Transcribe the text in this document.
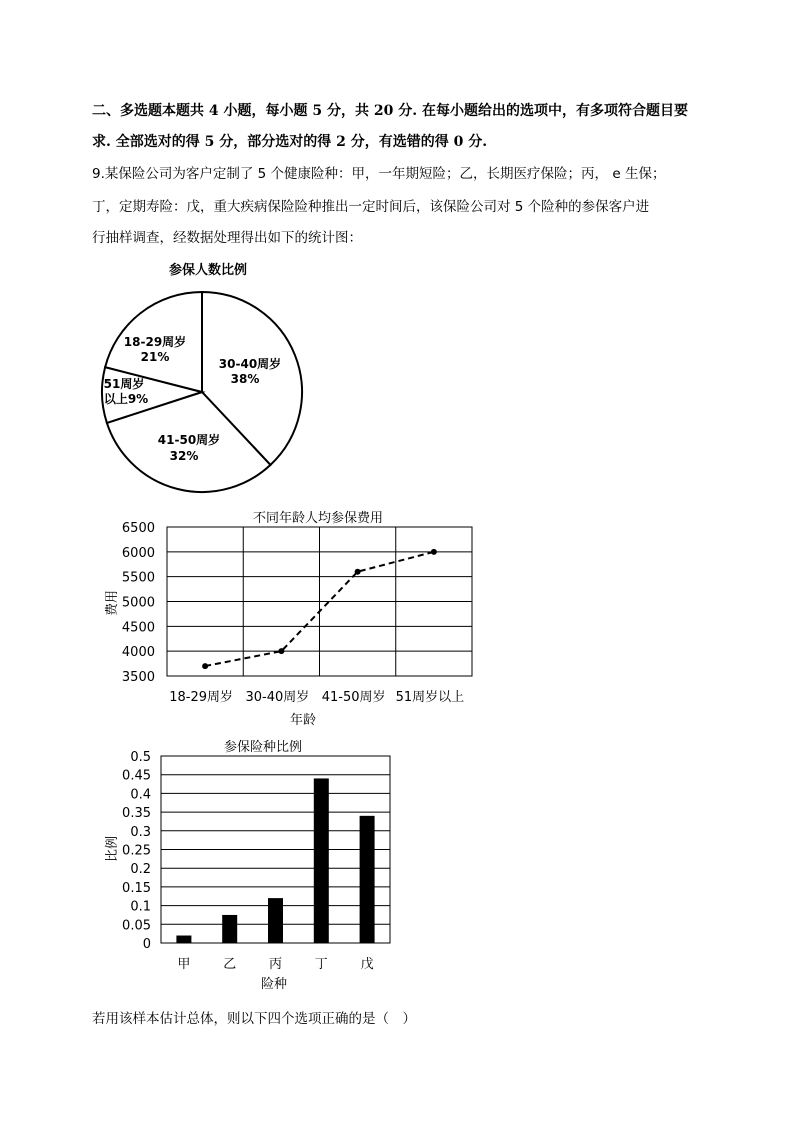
二、多选题本题共 4 小题，每小题 5 分，共 20 分. 在每小题给出的选项中，有多项符合题目要
求. 全部选对的得 5 分，部分选对的得 2 分，有选错的得 0 分.
9.某保险公司为客户定制了 5 个健康险种：甲，一年期短险；乙，长期医疗保险；丙， e 生保；
丁，定期寿险：戊，重大疾病保险险种推出一定时间后，该保险公司对 5 个险种的参保客户进
行抽样调查，经数据处理得出如下的统计图：
参保人数比例
30-40周岁
38%
41-50周岁
32%
51周岁
以上9%
18-29周岁
21%
不同年龄人均参保费用
6500
6000
5500
5000
4500
4000
3500
18-29周岁 30-40周岁 41-50周岁 51周岁以上
费用
年龄
参保险种比例
0.5
0.45
0.4
0.35
0.3
0.25
0.2
0.15
0.1
0.05
0
甲	乙	丙	丁	戊
比例
险种
若用该样本估计总体，则以下四个选项正确的是（　）
